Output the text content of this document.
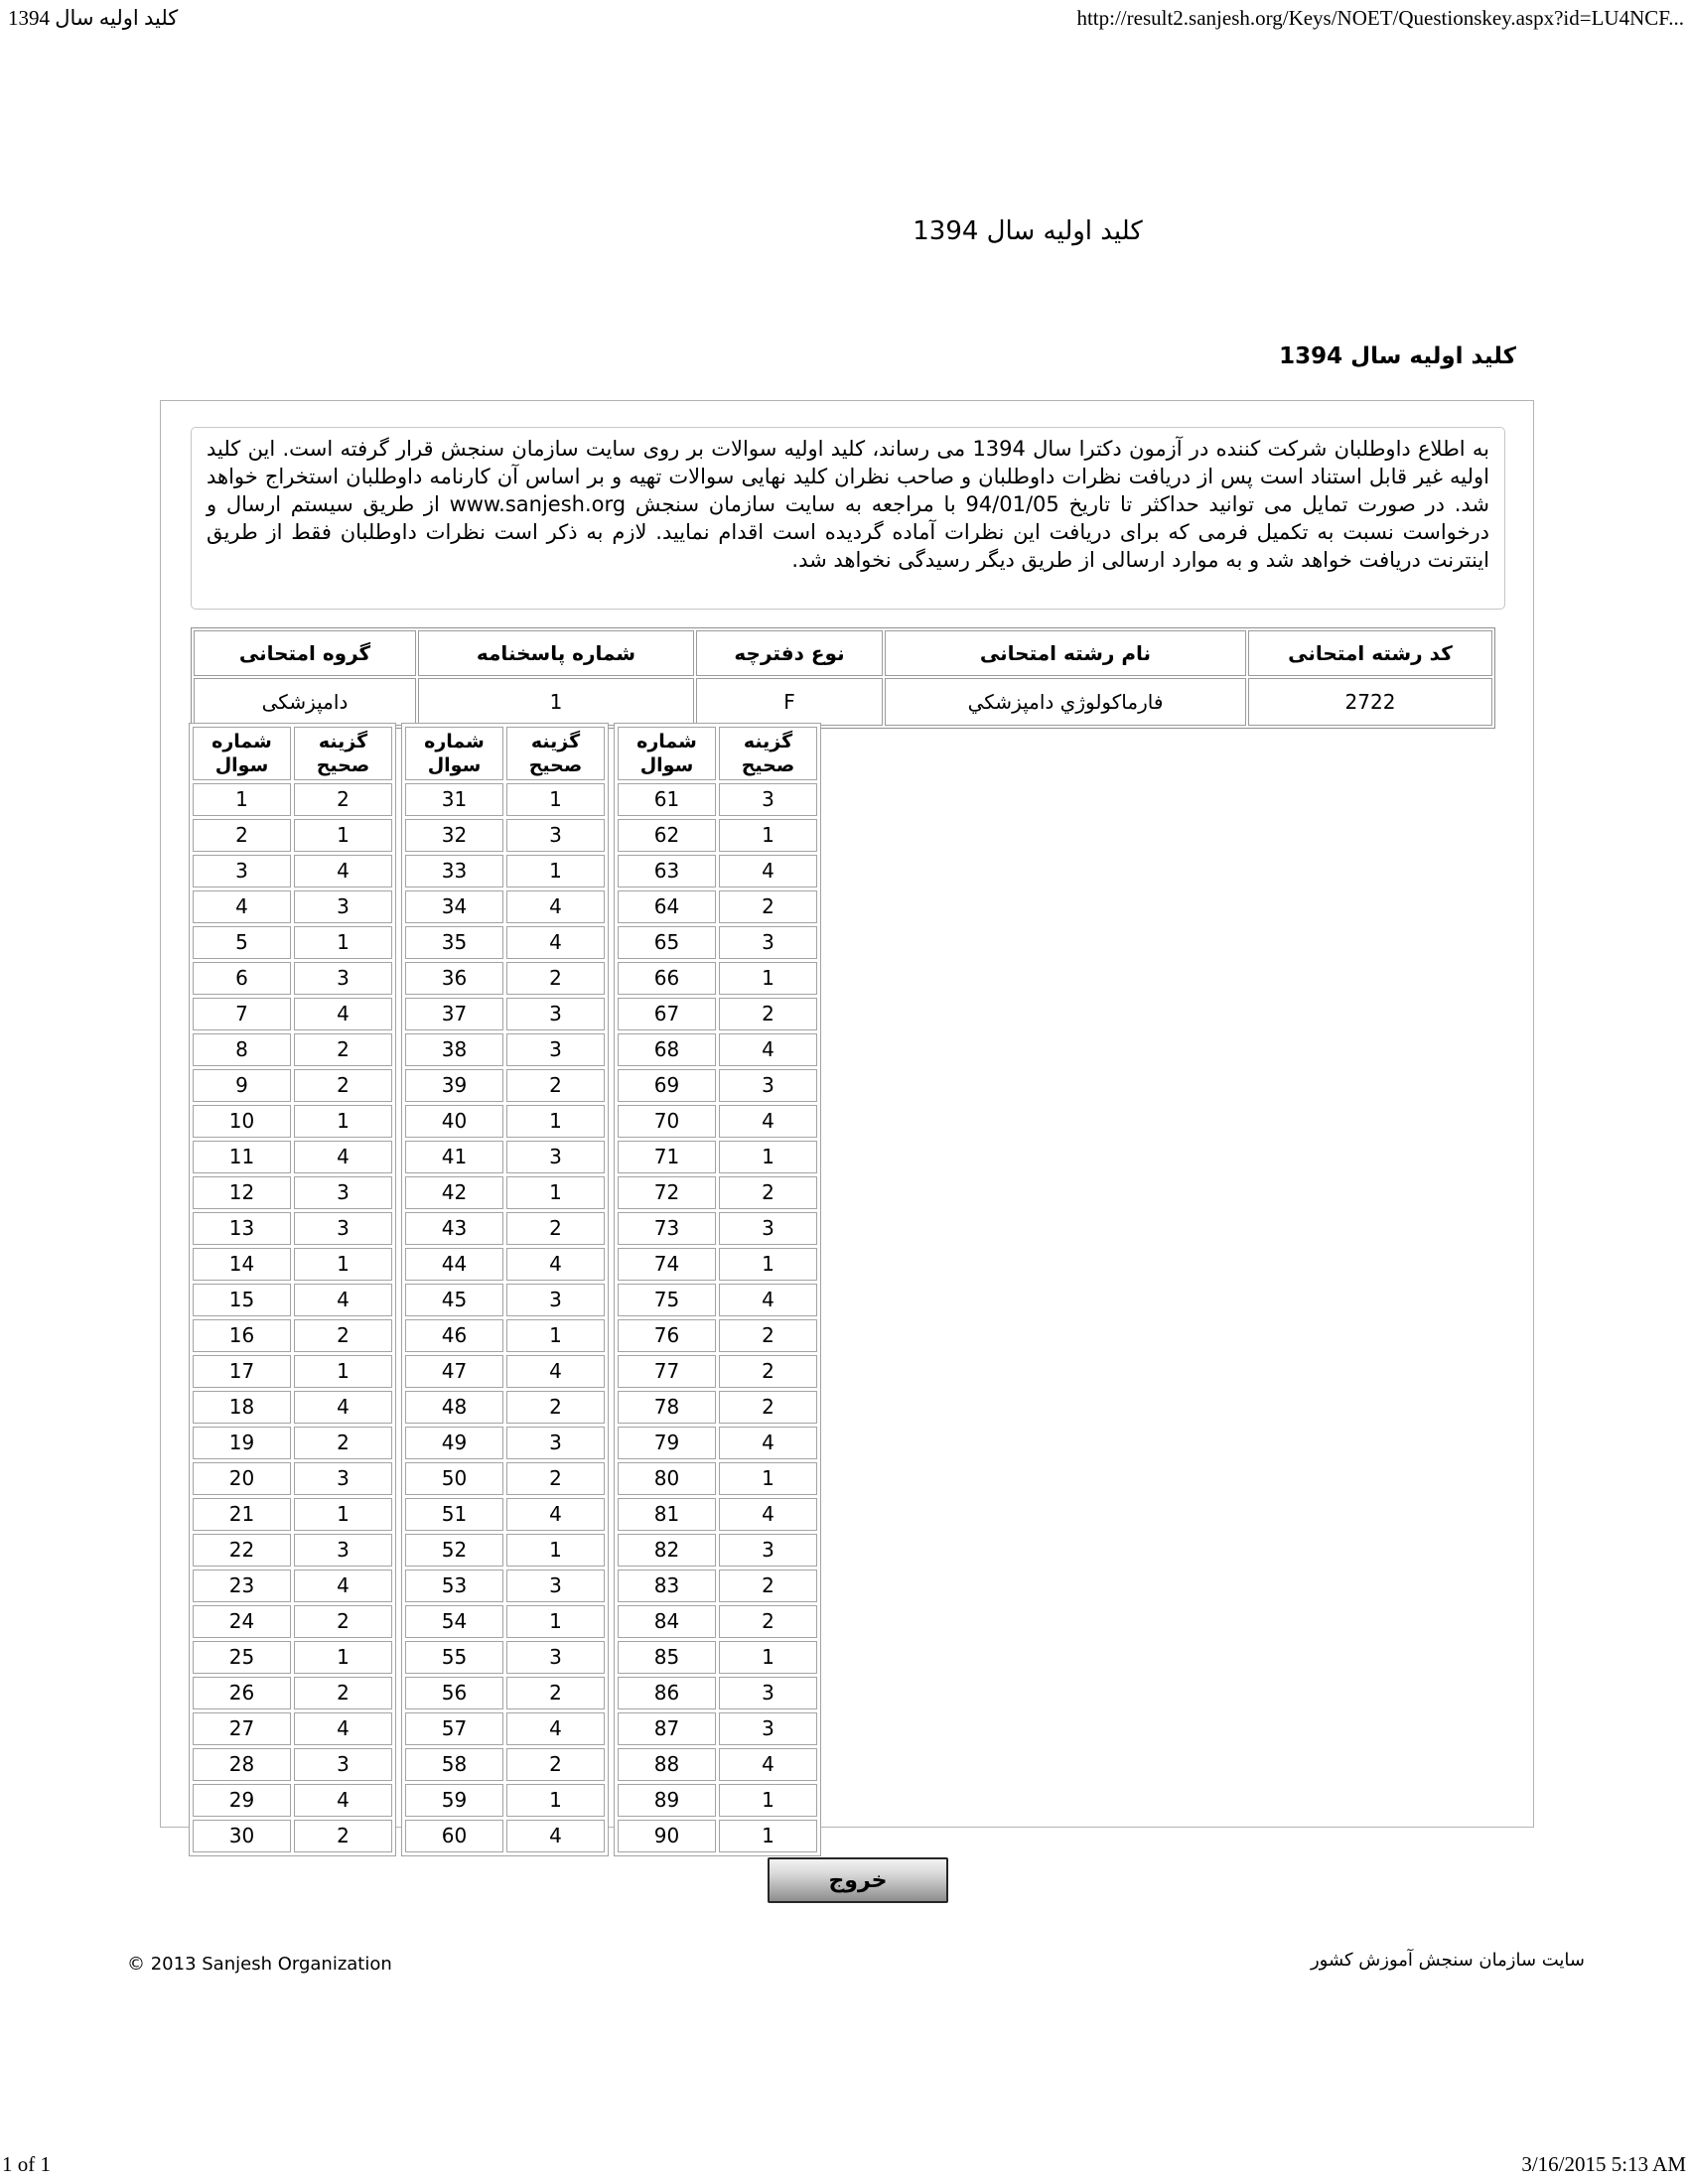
کلید اولیه سال 1394	http://result2.sanjesh.org/Keys/NOET/Questionskey.aspx?id=LU4NCF...
کلید اولیه سال 1394
کلید اولیه سال 1394
به اطلاع داوطلبان شرکت کننده در آزمون دکترا سال 1394 می رساند، کلید اولیه سوالات بر روی سایت سازمان سنجش قرار گرفته است. این کلید اولیه غیر قابل استناد است پس از دریافت نظرات داوطلبان و صاحب نظران کلید نهایی سوالات تهیه و بر اساس آن کارنامه داوطلبان استخراج خواهد شد. در صورت تمایل می توانید حداکثر تا تاریخ 94/01/05 با مراجعه به سایت سازمان سنجش www.sanjesh.org از طریق سیستم ارسال و درخواست نسبت به تکمیل فرمی که برای دریافت این نظرات آماده گردیده است اقدام نمایید. لازم به ذکر است نظرات داوطلبان فقط از طریق اینترنت دریافت خواهد شد و به موارد ارسالی از طریق دیگر رسیدگی نخواهد شد.
کد رشته امتحانی	نام رشته امتحانی	نوع دفترچه	شماره پاسخنامه	گروه امتحانی
2722	فارماكولوژي دامپزشكي	F	1	دامپزشکی
شماره سوال	گزینه صحیح
1	2
2	1
3	4
4	3
5	1
6	3
7	4
8	2
9	2
10	1
11	4
12	3
13	3
14	1
15	4
16	2
17	1
18	4
19	2
20	3
21	1
22	3
23	4
24	2
25	1
26	2
27	4
28	3
29	4
30	2
شماره سوال	گزینه صحیح
31	1
32	3
33	1
34	4
35	4
36	2
37	3
38	3
39	2
40	1
41	3
42	1
43	2
44	4
45	3
46	1
47	4
48	2
49	3
50	2
51	4
52	1
53	3
54	1
55	3
56	2
57	4
58	2
59	1
60	4
شماره سوال	گزینه صحیح
61	3
62	1
63	4
64	2
65	3
66	1
67	2
68	4
69	3
70	4
71	1
72	2
73	3
74	1
75	4
76	2
77	2
78	2
79	4
80	1
81	4
82	3
83	2
84	2
85	1
86	3
87	3
88	4
89	1
90	1
خروج
© 2013 Sanjesh Organization	سایت سازمان سنجش آموزش کشور
1 of 1	3/16/2015 5:13 AM
